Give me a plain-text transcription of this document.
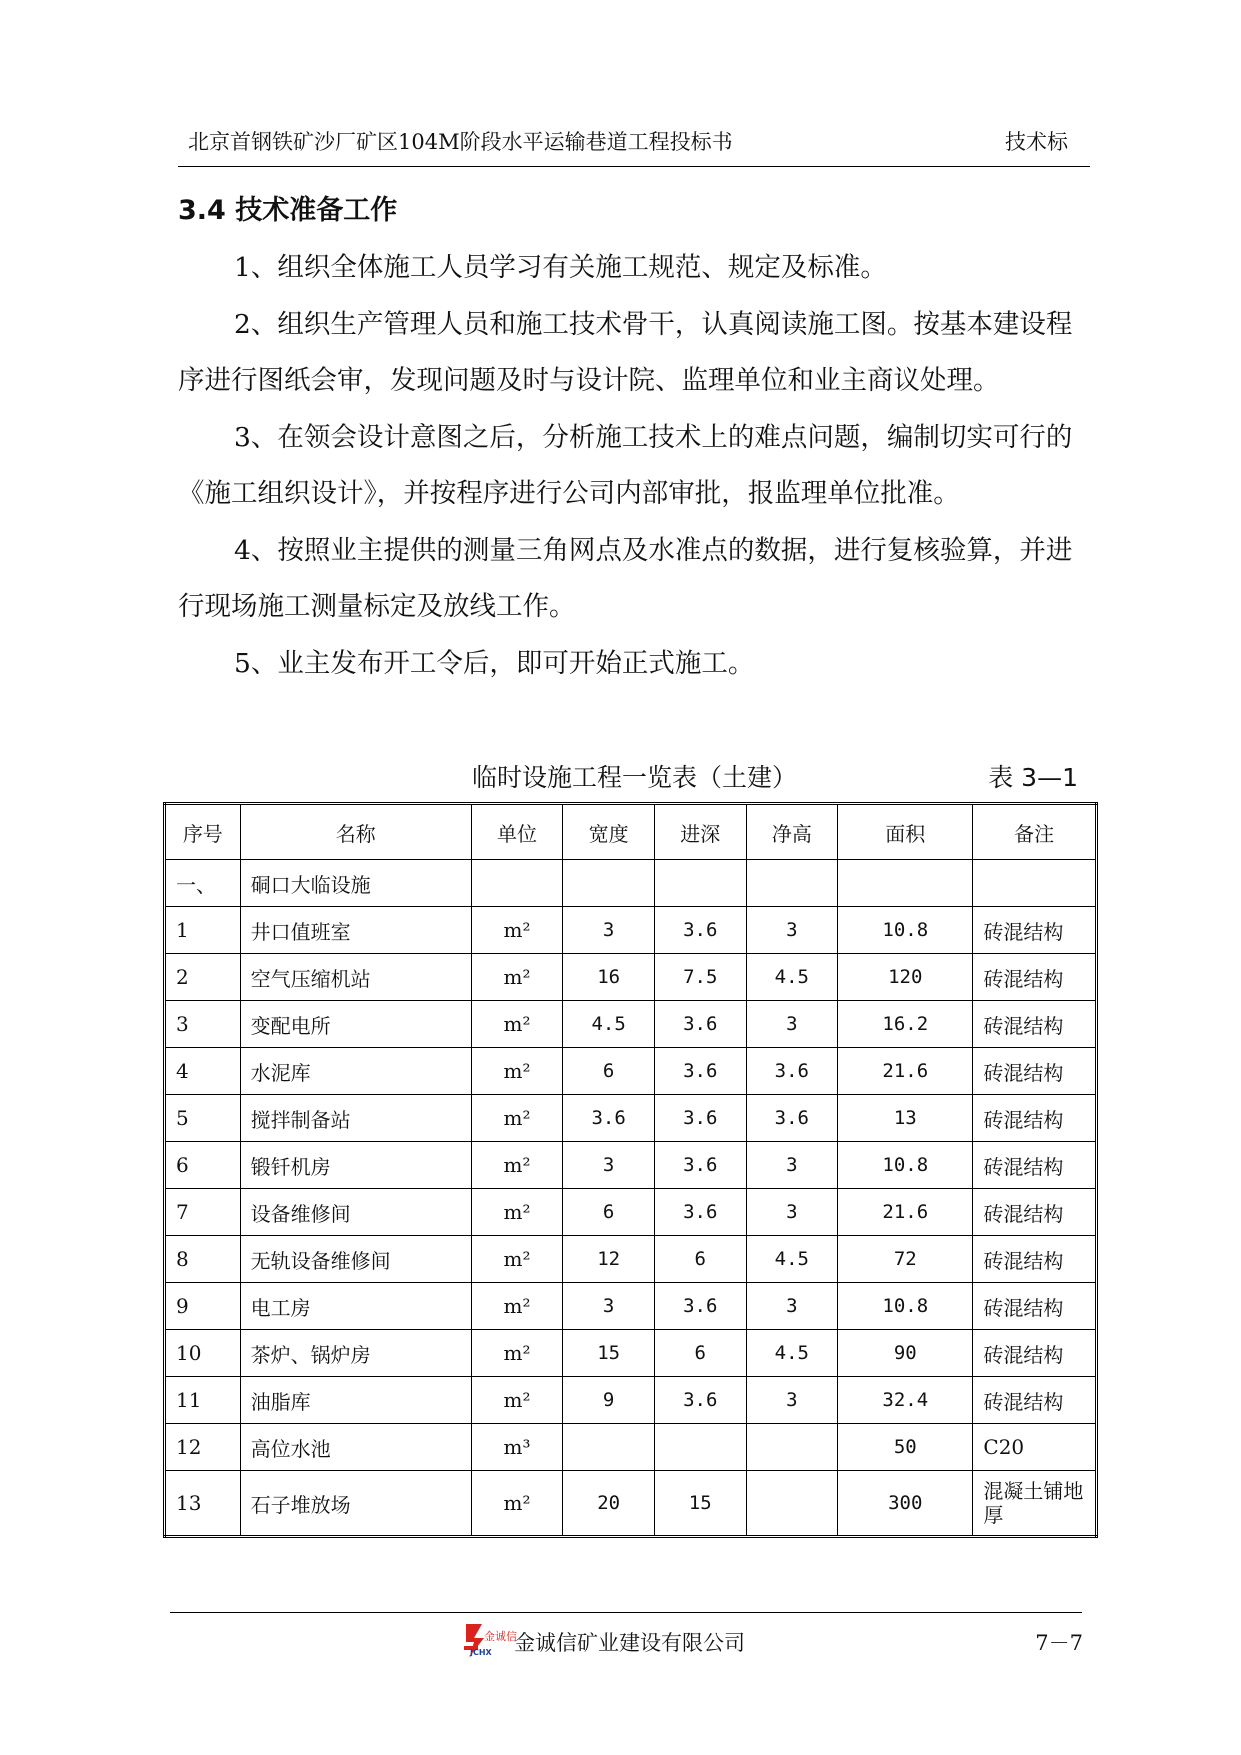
北京首钢铁矿沙厂矿区104M阶段水平运输巷道工程投标书	技术标
3.4 技术准备工作

1、组织全体施工人员学习有关施工规范、规定及标准。

2、组织生产管理人员和施工技术骨干，认真阅读施工图。按基本建设程序进行图纸会审，发现问题及时与设计院、监理单位和业主商议处理。

3、在领会设计意图之后，分析施工技术上的难点问题，编制切实可行的《施工组织设计》，并按程序进行公司内部审批，报监理单位批准。

4、按照业主提供的测量三角网点及水准点的数据，进行复核验算，并进行现场施工测量标定及放线工作。

5、业主发布开工令后，即可开始正式施工。

临时设施工程一览表（土建）	表 3—1
序号	名称	单位	宽度	进深	净高	面积	备注
一、	硐口大临设施						
1	井口值班室	m²	3	3.6	3	10.8	砖混结构
2	空气压缩机站	m²	16	7.5	4.5	120	砖混结构
3	变配电所	m²	4.5	3.6	3	16.2	砖混结构
4	水泥库	m²	6	3.6	3.6	21.6	砖混结构
5	搅拌制备站	m²	3.6	3.6	3.6	13	砖混结构
6	锻钎机房	m²	3	3.6	3	10.8	砖混结构
7	设备维修间	m²	6	3.6	3	21.6	砖混结构
8	无轨设备维修间	m²	12	6	4.5	72	砖混结构
9	电工房	m²	3	3.6	3	10.8	砖混结构
10	茶炉、锅炉房	m²	15	6	4.5	90	砖混结构
11	油脂库	m²	9	3.6	3	32.4	砖混结构
12	高位水池	m³				50	C20
13	石子堆放场	m²	20	15		300	混凝土铺地　　厚
金诚信
JCHX 金诚信矿业建设有限公司	7－7
